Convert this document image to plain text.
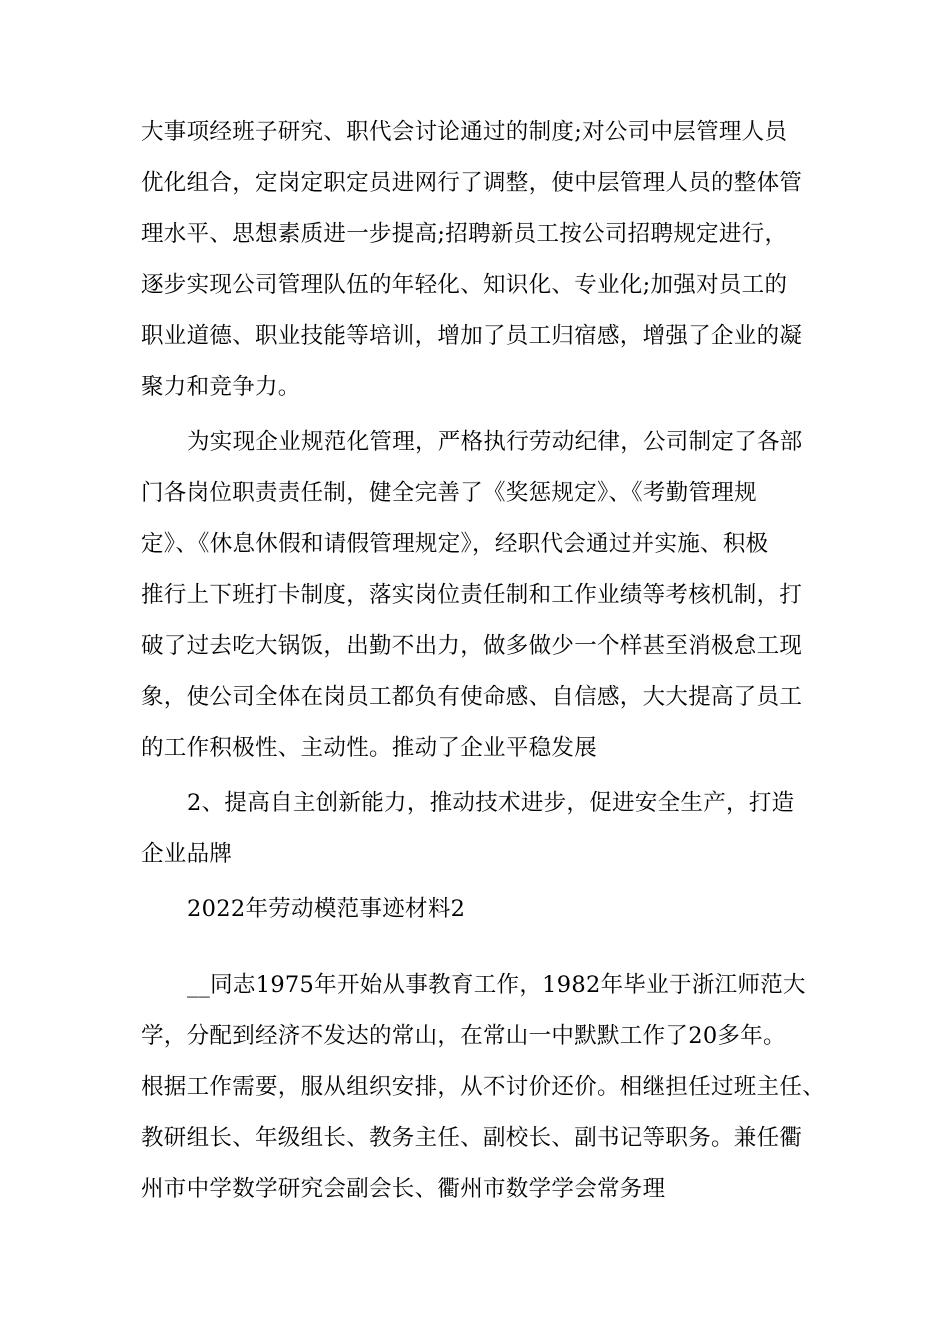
大事项经班子研究、职代会讨论通过的制度;对公司中层管理人员
优化组合，定岗定职定员进网行了调整，使中层管理人员的整体管
理水平、思想素质进一步提高;招聘新员工按公司招聘规定进行，
逐步实现公司管理队伍的年轻化、知识化、专业化;加强对员工的
职业道德、职业技能等培训，增加了员工归宿感，增强了企业的凝
聚力和竞争力。
为实现企业规范化管理，严格执行劳动纪律，公司制定了各部
门各岗位职责责任制，健全完善了《奖惩规定》、《考勤管理规
定》、《休息休假和请假管理规定》，经职代会通过并实施、积极
推行上下班打卡制度，落实岗位责任制和工作业绩等考核机制，打
破了过去吃大锅饭，出勤不出力，做多做少一个样甚至消极怠工现
象，使公司全体在岗员工都负有使命感、自信感，大大提高了员工
的工作积极性、主动性。推动了企业平稳发展
2、提高自主创新能力，推动技术进步，促进安全生产，打造
企业品牌
2022年劳动模范事迹材料2
__同志1975年开始从事教育工作，1982年毕业于浙江师范大
学，分配到经济不发达的常山，在常山一中默默工作了20多年。
根据工作需要，服从组织安排，从不讨价还价。相继担任过班主任、
教研组长、年级组长、教务主任、副校长、副书记等职务。兼任衢
州市中学数学研究会副会长、衢州市数学学会常务理
